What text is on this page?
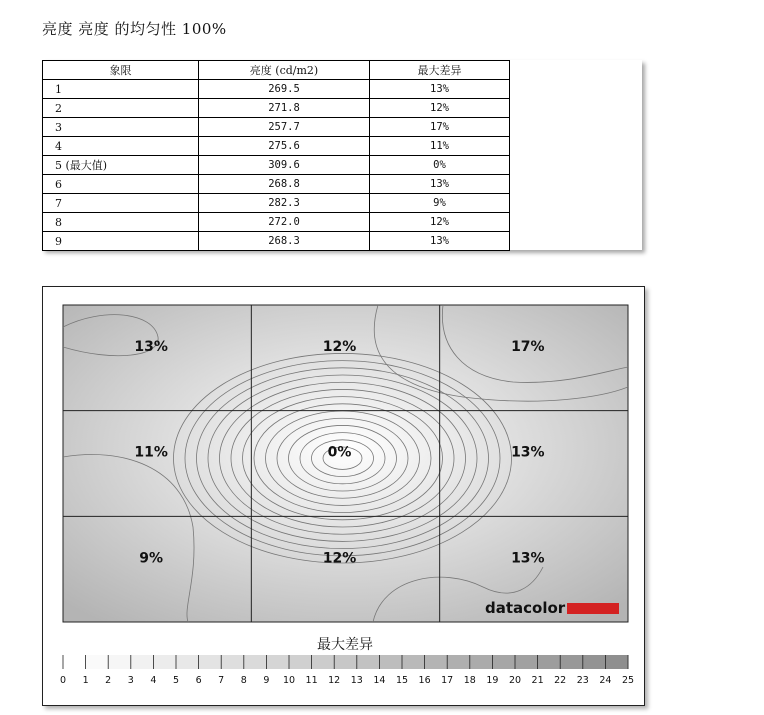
亮度 亮度 的均匀性 100%
象限	亮度 (cd/m2)	最大差异
1	269.5	13%
2	271.8	12%
3	257.7	17%
4	275.6	11%
5 (最大值)	309.6	0%
6	268.8	13%
7	282.3	9%
8	272.0	12%
9	268.3	13%
13%	12%	17%
11%	0%	13%
9%	12%	13%
datacolor
最大差异
0 1 2 3 4 5 6 7 8 9 10 11 12 13 14 15 16 17 18 19 20 21 22 23 24 25
